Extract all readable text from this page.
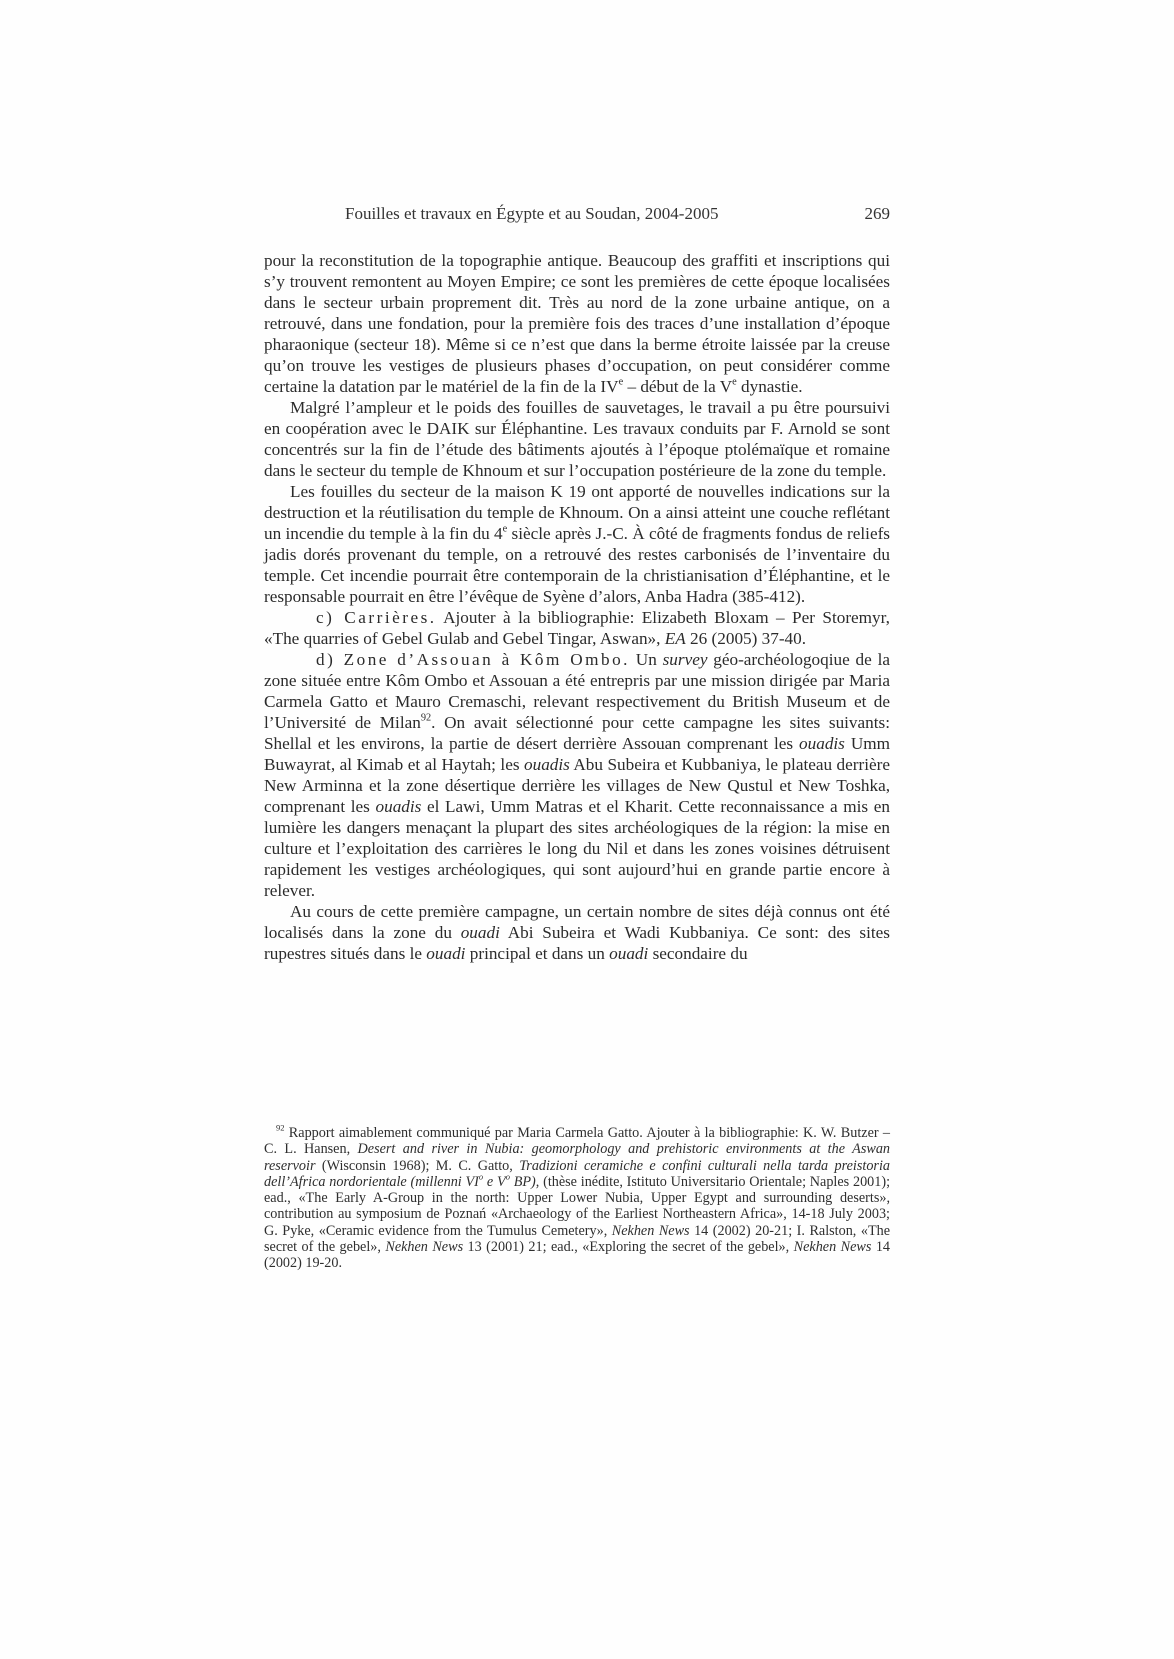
Fouilles et travaux en Égypte et au Soudan, 2004-2005	269

pour la reconstitution de la topographie antique. Beaucoup des graffiti et inscriptions qui s’y trouvent remontent au Moyen Empire; ce sont les premières de cette époque localisées dans le secteur urbain proprement dit. Très au nord de la zone urbaine antique, on a retrouvé, dans une fondation, pour la première fois des traces d’une installation d’époque pharaonique (secteur 18). Même si ce n’est que dans la berme étroite laissée par la creuse qu’on trouve les vestiges de plusieurs phases d’occupation, on peut considérer comme certaine la datation par le matériel de la fin de la IVe – début de la Ve dynastie.

Malgré l’ampleur et le poids des fouilles de sauvetages, le travail a pu être poursuivi en coopération avec le DAIK sur Éléphantine. Les travaux conduits par F. Arnold se sont concentrés sur la fin de l’étude des bâtiments ajoutés à l’époque ptolémaïque et romaine dans le secteur du temple de Khnoum et sur l’occupation postérieure de la zone du temple.

Les fouilles du secteur de la maison K 19 ont apporté de nouvelles indications sur la destruction et la réutilisation du temple de Khnoum. On a ainsi atteint une couche reflétant un incendie du temple à la fin du 4e siècle après J.-C. À côté de fragments fondus de reliefs jadis dorés provenant du temple, on a retrouvé des restes carbonisés de l’inventaire du temple. Cet incendie pourrait être contemporain de la christianisation d’Éléphantine, et le responsable pourrait en être l’évêque de Syène d’alors, Anba Hadra (385-412).

c) Carrières. Ajouter à la bibliographie: Elizabeth Bloxam – Per Storemyr, «The quarries of Gebel Gulab and Gebel Tingar, Aswan», EA 26 (2005) 37-40.

d) Zone d’Assouan à Kôm Ombo. Un survey géo-archéologoqiue de la zone située entre Kôm Ombo et Assouan a été entrepris par une mission dirigée par Maria Carmela Gatto et Mauro Cremaschi, relevant respectivement du British Museum et de l’Université de Milan$^{92}$. On avait sélectionné pour cette campagne les sites suivants: Shellal et les environs, la partie de désert derrière Assouan comprenant les ouadis Umm Buwayrat, al Kimab et al Haytah; les ouadis Abu Subeira et Kubbaniya, le plateau derrière New Arminna et la zone désertique derrière les villages de New Qustul et New Toshka, comprenant les ouadis el Lawi, Umm Matras et el Kharit. Cette reconnaissance a mis en lumière les dangers menaçant la plupart des sites archéologiques de la région: la mise en culture et l’exploitation des carrières le long du Nil et dans les zones voisines détruisent rapidement les vestiges archéologiques, qui sont aujourd’hui en grande partie encore à relever.

Au cours de cette première campagne, un certain nombre de sites déjà connus ont été localisés dans la zone du ouadi Abi Subeira et Wadi Kubbaniya. Ce sont: des sites rupestres situés dans le ouadi principal et dans un ouadi secondaire du

$^{92}$ Rapport aimablement communiqué par Maria Carmela Gatto. Ajouter à la bibliographie: K. W. Butzer – C. L. Hansen, Desert and river in Nubia: geomorphology and prehistoric environments at the Aswan reservoir (Wisconsin 1968); M. C. Gatto, Tradizioni ceramiche e confini culturali nella tarda preistoria dell’Africa nordorientale (millenni $VI^o$ e $V^o$ BP), (thèse inédite, Istituto Universitario Orientale; Naples 2001); ead., «The Early A-Group in the north: Upper Lower Nubia, Upper Egypt and surrounding deserts», contribution au symposium de Poznań «Archaeology of the Earliest Northeastern Africa», 14-18 July 2003; G. Pyke, «Ceramic evidence from the Tumulus Cemetery», Nekhen News 14 (2002) 20-21; I. Ralston, «The secret of the gebel», Nekhen News 13 (2001) 21; ead., «Exploring the secret of the gebel», Nekhen News 14 (2002) 19-20.
